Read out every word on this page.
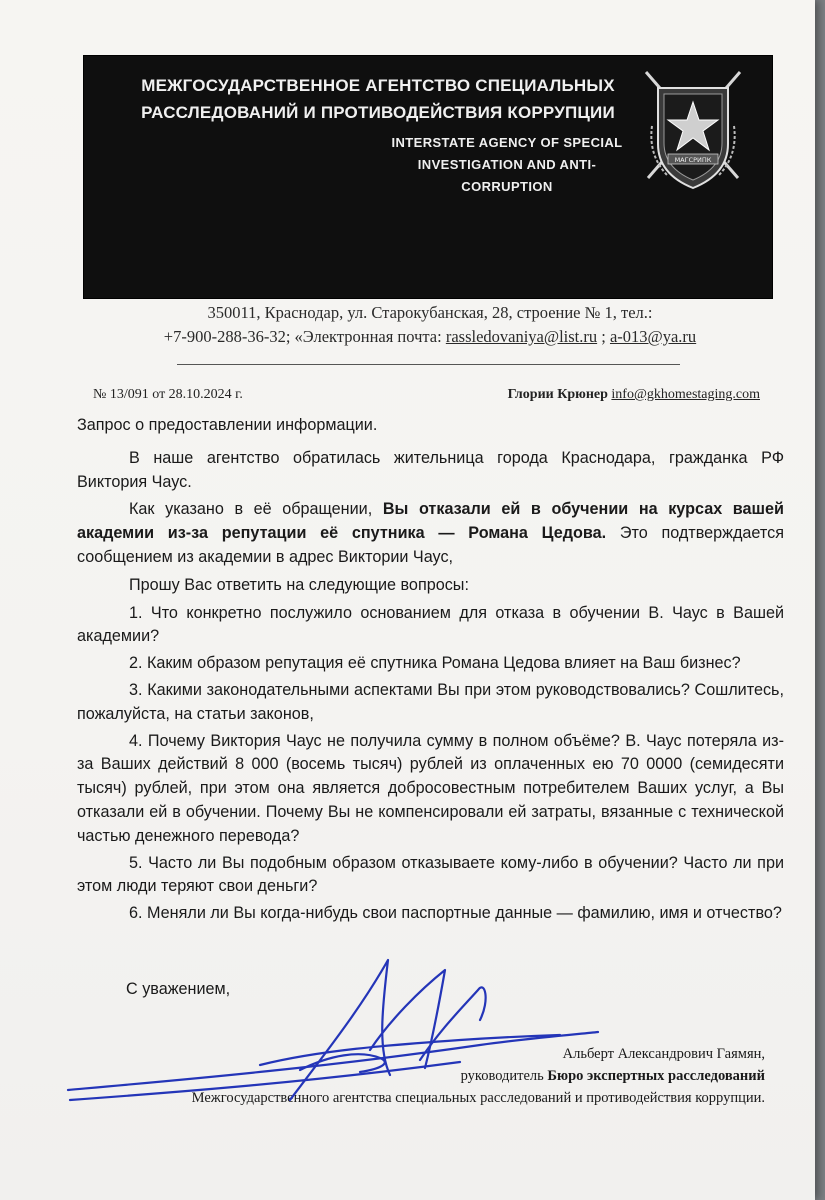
МЕЖГОСУДАРСТВЕННОЕ АГЕНТСТВО СПЕЦИАЛЬНЫХ
РАССЛЕДОВАНИЙ И ПРОТИВОДЕЙСТВИЯ КОРРУПЦИИ
INTERSTATE AGENCY OF SPECIAL
INVESTIGATION AND ANTI-
CORRUPTION
МАГСРИПК
350011, Краснодар, ул. Старокубанская, 28, строение № 1, тел.:
+7-900-288-36-32; «Электронная почта: rassledovaniya@list.ru ; a-013@ya.ru
№ 13/091 от 28.10.2024 г.	Глории Крюнер info@gkhomestaging.com

Запрос о предоставлении информации.

В наше агентство обратилась жительница города Краснодара, гражданка РФ Виктория Чаус.

Как указано в её обращении, Вы отказали ей в обучении на курсах вашей академии из-за репутации её спутника — Романа Цедова. Это подтверждается сообщением из академии в адрес Виктории Чаус,

Прошу Вас ответить на следующие вопросы:

1. Что конкретно послужило основанием для отказа в обучении В. Чаус в Вашей академии?

2. Каким образом репутация её спутника Романа Цедова влияет на Ваш бизнес?

3. Какими законодательными аспектами Вы при этом руководствовались? Сошлитесь, пожалуйста, на статьи законов,

4. Почему Виктория Чаус не получила сумму в полном объёме? В. Чаус потеряла из-за Ваших действий 8 000 (восемь тысяч) рублей из оплаченных ею 70 0000 (семидесяти тысяч) рублей, при этом она является добросовестным потребителем Ваших услуг, а Вы отказали ей в обучении. Почему Вы не компенсировали ей затраты, вязанные с технической частью денежного перевода?

5. Часто ли Вы подобным образом отказываете кому-либо в обучении? Часто ли при этом люди теряют свои деньги?

6. Меняли ли Вы когда-нибудь свои паспортные данные — фамилию, имя и отчество?

С уважением,
Альберт Александрович Гаямян,
руководитель Бюро экспертных расследований
Межгосударственного агентства специальных расследований и противодействия коррупции.
